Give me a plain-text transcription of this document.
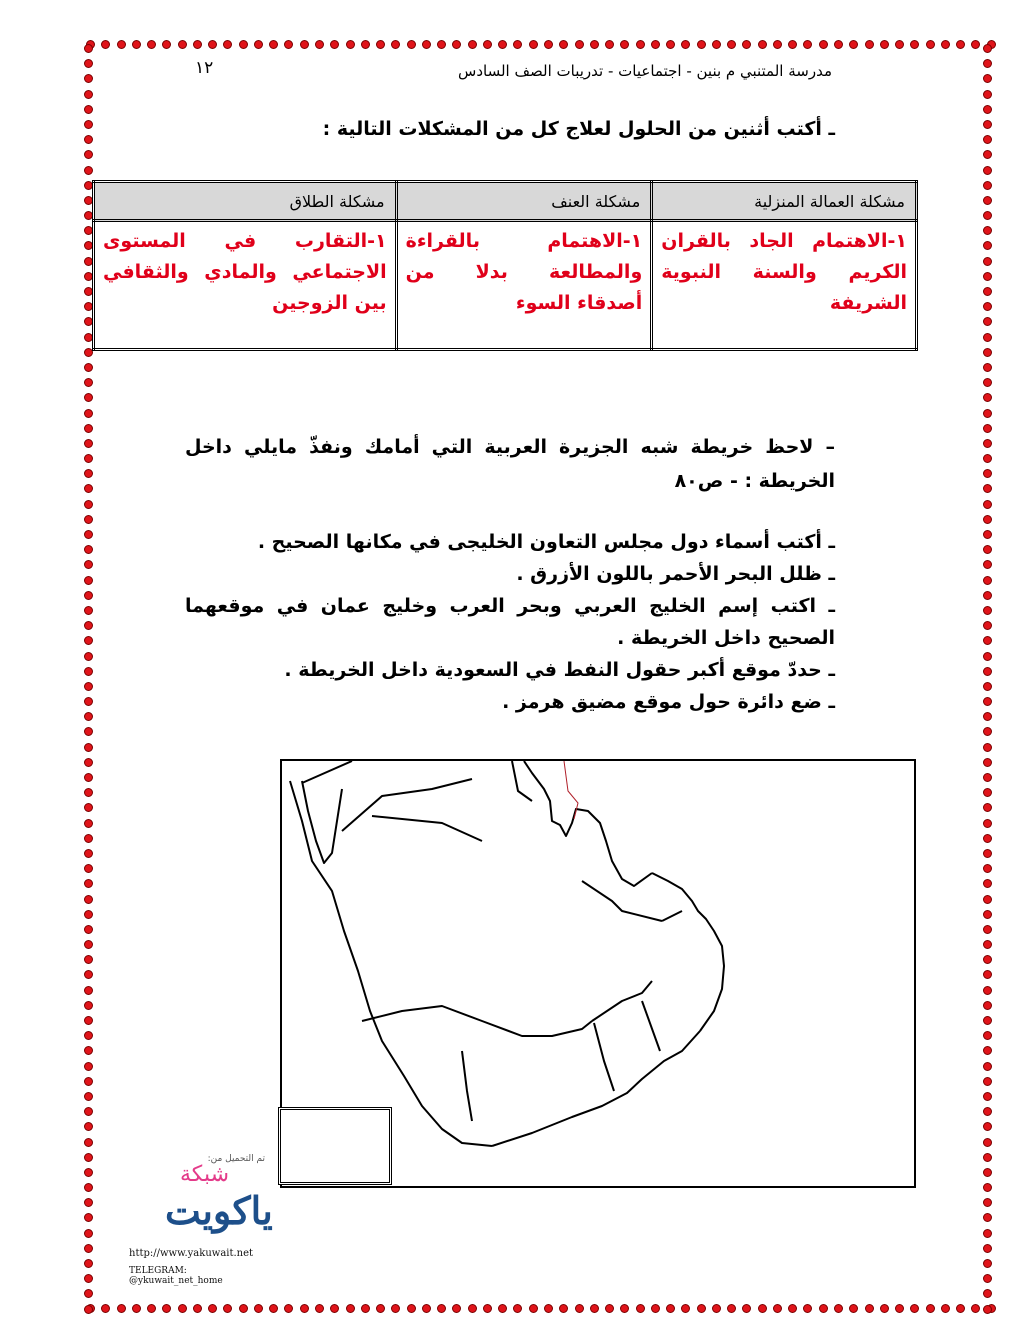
مدرسة المتنبي م بنين - اجتماعيات - تدريبات الصف السادس
١٢
ـ أكتب أثنين من الحلول لعلاج كل من المشكلات التالية :
مشكلة العمالة المنزلية	مشكلة العنف	مشكلة الطلاق
١-الاهتمام الجاد بالقران الكريم والسنة النبوية الشريفة	١-الاهتمام بالقراءة والمطالعة بدلا من أصدقاء السوء	١-التقارب في المستوى الاجتماعي والمادي والثقافي بين الزوجين
– لاحظ خريطة شبه الجزيرة العربية التي أمامك ونفذّ مايلي داخل الخريطة : - ص٨٠
ـ أكتب أسماء دول مجلس التعاون الخليجى في مكانها الصحيح .
ـ ظلل البحر الأحمر باللون الأزرق .
ـ اكتب إسم الخليج العربي وبحر العرب وخليج عمان في موقعهما الصحيح داخل الخريطة .
ـ حددّ موقع أكبر حقول النفط في السعودية داخل الخريطة .
ـ ضع دائرة حول موقع مضيق هرمز .
تم التحميل من:
شبكة
ياكويت
http://www.yakuwait.net
TELEGRAM: @ykuwait_net_home
